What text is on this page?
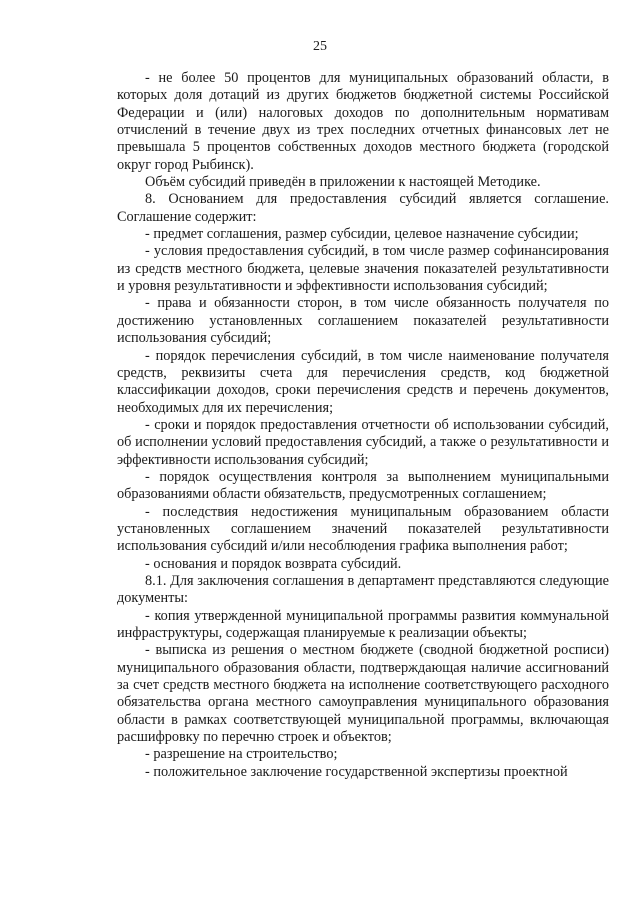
25

- не более 50 процентов для муниципальных образований области, в которых доля дотаций из других бюджетов бюджетной системы Российской Федерации и (или) налоговых доходов по дополнительным нормативам отчислений в течение двух из трех последних отчетных финансовых лет не превышала 5 процентов собственных доходов местного бюджета (городской округ город Рыбинск).

Объём субсидий приведён в приложении к настоящей Методике.

8. Основанием для предоставления субсидий является соглашение. Соглашение содержит:

- предмет соглашения, размер субсидии, целевое назначение субсидии;

- условия предоставления субсидий, в том числе размер софинансирования из средств местного бюджета, целевые значения показателей результативности и уровня результативности и эффективности использования субсидий;

- права и обязанности сторон, в том числе обязанность получателя по достижению установленных соглашением показателей результативности использования субсидий;

- порядок перечисления субсидий, в том числе наименование получателя средств, реквизиты счета для перечисления средств, код бюджетной классификации доходов, сроки перечисления средств и перечень документов, необходимых для их перечисления;

- сроки и порядок предоставления отчетности об использовании субсидий, об исполнении условий предоставления субсидий, а также о результативности и эффективности использования субсидий;

- порядок осуществления контроля за выполнением муниципальными образованиями области обязательств, предусмотренных соглашением;

- последствия недостижения муниципальным образованием области установленных соглашением значений показателей результативности использования субсидий и/или несоблюдения графика выполнения работ;

- основания и порядок возврата субсидий.

8.1. Для заключения соглашения в департамент представляются следующие документы:

- копия утвержденной муниципальной программы развития коммунальной инфраструктуры, содержащая планируемые к реализации объекты;

- выписка из решения о местном бюджете (сводной бюджетной росписи) муниципального образования области, подтверждающая наличие ассигнований за счет средств местного бюджета на исполнение соответствующего расходного обязательства органа местного самоуправления муниципального образования области в рамках соответствующей муниципальной программы, включающая расшифровку по перечню строек и объектов;

- разрешение на строительство;

- положительное заключение государственной экспертизы проектной
